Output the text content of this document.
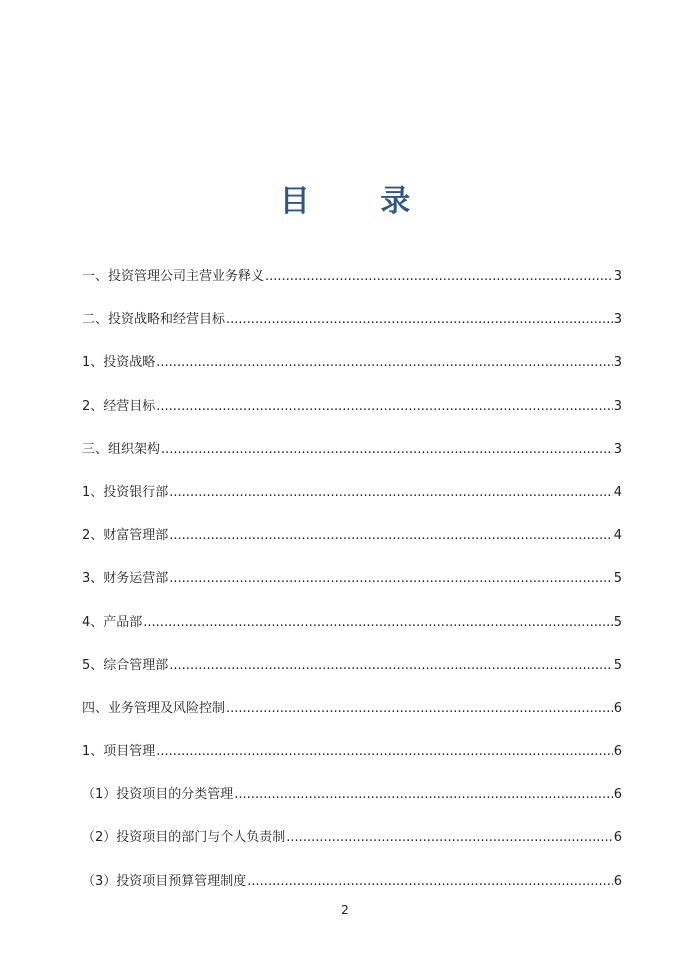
目 录
一、投资管理公司主营业务释义 .....	3
二、投资战略和经营目标 .....	3
1、投资战略 .....	3
2、经营目标 .....	3
三、组织架构 .....	3
1、投资银行部 .....	4
2、财富管理部 .....	4
3、财务运营部 .....	5
4、产品部 .....	5
5、综合管理部 .....	5
四、业务管理及风险控制 .....	6
1、项目管理 .....	6
（1）投资项目的分类管理 .....	6
（2）投资项目的部门与个人负责制 .....	6
（3）投资项目预算管理制度 .....	6
2
